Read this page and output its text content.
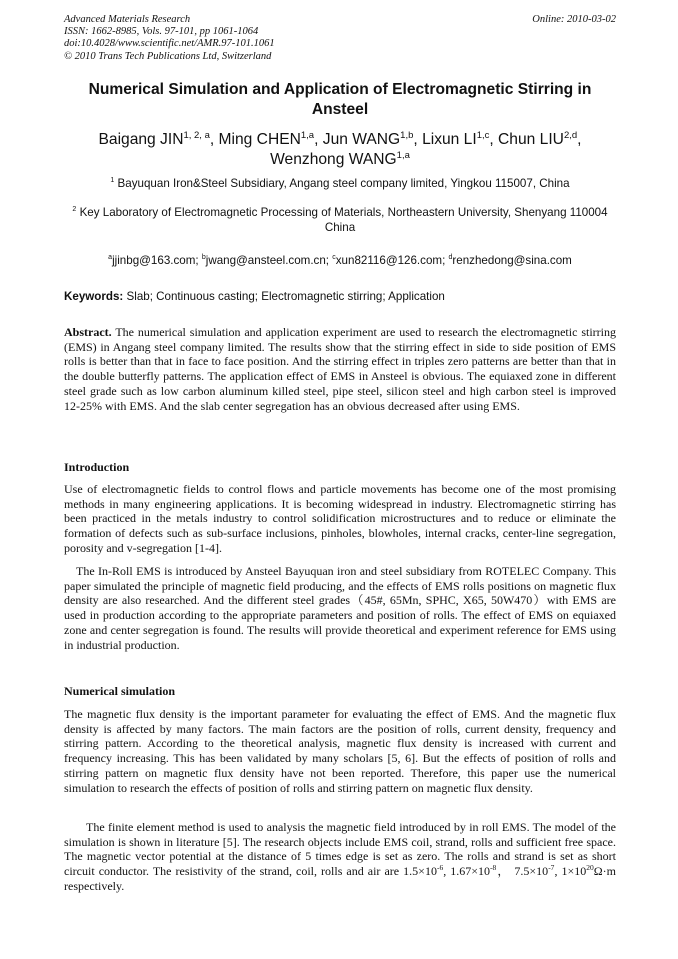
Advanced Materials Research
ISSN: 1662-8985, Vols. 97-101, pp 1061-1064
doi:10.4028/www.scientific.net/AMR.97-101.1061
© 2010 Trans Tech Publications Ltd, Switzerland
Online: 2010-03-02
Numerical Simulation and Application of Electromagnetic Stirring in Ansteel
Baigang JIN$^{1, 2, a}$, Ming CHEN$^{1,a}$, Jun WANG$^{1,b}$, Lixun LI$^{1,c}$, Chun LIU$^{2,d}$, Wenzhong WANG$^{1,a}$
$^1$ Bayuquan Iron&Steel Subsidiary, Angang steel company limited, Yingkou 115007, China
$^2$ Key Laboratory of Electromagnetic Processing of Materials, Northeastern University, Shenyang 110004 China
$^a$jjinbg@163.com; $^b$jwang@ansteel.com.cn; $^c$xun82116@126.com; $^d$renzhedong@sina.com
Keywords: Slab; Continuous casting; Electromagnetic stirring; Application

Abstract. The numerical simulation and application experiment are used to research the electromagnetic stirring (EMS) in Angang steel company limited. The results show that the stirring effect in side to side position of EMS rolls is better than that in face to face position. And the stirring effect in triples zero patterns are better than that in the double butterfly patterns. The application effect of EMS in Ansteel is obvious. The equiaxed zone in different steel grade such as low carbon aluminum killed steel, pipe steel, silicon steel and high carbon steel is improved 12-25% with EMS. And the slab center segregation has an obvious decreased after using EMS.

Introduction

Use of electromagnetic fields to control flows and particle movements has become one of the most promising methods in many engineering applications. It is becoming widespread in industry. Electromagnetic stirring has been practiced in the metals industry to control solidification microstructures and to reduce or eliminate the formation of defects such as sub-surface inclusions, pinholes, blowholes, internal cracks, center-line segregation, porosity and v-segregation [1-4].

The In-Roll EMS is introduced by Ansteel Bayuquan iron and steel subsidiary from ROTELEC Company. This paper simulated the principle of magnetic field producing, and the effects of EMS rolls positions on magnetic flux density are also researched. And the different steel grades（45#, 65Mn, SPHC, X65, 50W470）with EMS are used in production according to the appropriate parameters and position of rolls. The effect of EMS on equiaxed zone and center segregation is found. The results will provide theoretical and experiment reference for EMS using in industrial production.

Numerical simulation

The magnetic flux density is the important parameter for evaluating the effect of EMS. And the magnetic flux density is affected by many factors. The main factors are the position of rolls, current density, frequency and stirring pattern. According to the theoretical analysis, magnetic flux density is increased with current and frequency increasing. This has been validated by many scholars [5, 6]. But the effects of position of rolls and stirring pattern on magnetic flux density have not been reported. Therefore, this paper use the numerical simulation to research the effects of position of rolls and stirring pattern on magnetic flux density.

The finite element method is used to analysis the magnetic field introduced by in roll EMS. The model of the simulation is shown in literature [5]. The research objects include EMS coil, strand, rolls and sufficient free space. The magnetic vector potential at the distance of 5 times edge is set as zero. The rolls and strand is set as short circuit conductor. The resistivity of the strand, coil, rolls and air are $1.5\times 10^{-6}$, $1.67\times 10^{-8}$， $7.5\times 10^{-7}$, $1\times 10^{20}\Omega\cdot m$ respectively.
